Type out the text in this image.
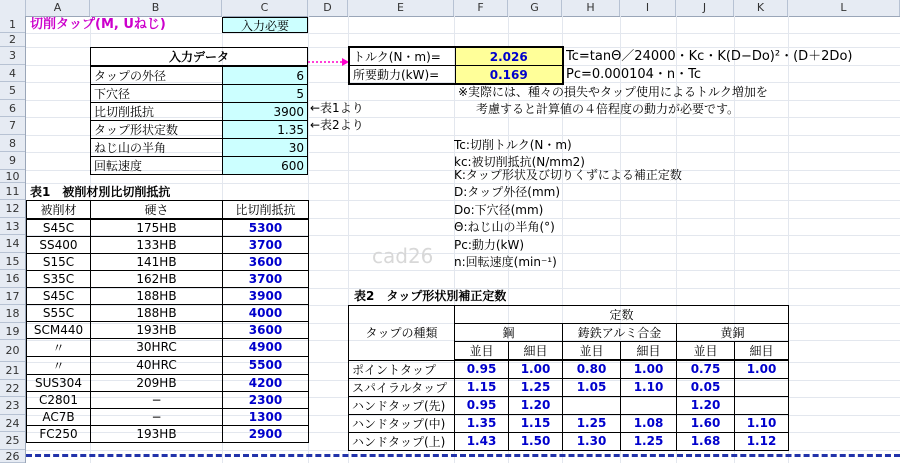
A	B	C	D	E	F	G	H	I	J	K	L
1
2
3
4
5
6
7
8
9
10
11
12
13
14
15
16
17
18
19
20
21
22
23
24
25
26
切削タップ(M, Uねじ)	入力必要
入力データ	
タップの外径	6
下穴径	5
比切削抵抗	3900
タップ形状定数	1.35
ねじ山の半角	30
回転速度	600
←表1より
←表2より
トルク(N・m)=	2.026
所要動力(kW)=	0.169
Tc=tanΘ／24000・Kc・K(D−Do)²・(D＋2Do)
Pc=0.000104・n・Tc
※実際には、種々の損失やタップ使用によるトルク増加を
考慮すると計算値の４倍程度の動力が必要です。
Tc:切削トルク(N・m)
kc:被切削抵抗(N/mm2)
K:タップ形状及び切りくずによる補正定数
D:タップ外径(mm)
Do:下穴径(mm)
Θ:ねじ山の半角(°)
Pc:動力(kW)
n:回転速度(min⁻¹)
cad26
表1　被削材別比切削抵抗
被削材	硬さ	比切削抵抗
S45C	175HB	5300
SS400	133HB	3700
S15C	141HB	3600
S35C	162HB	3700
S45C	188HB	3900
S55C	188HB	4000
SCM440	193HB	3600
〃	30HRC	4900
〃	40HRC	5500
SUS304	209HB	4200
C2801	−	2300
AC7B	−	1300
FC250	193HB	2900
表2　タップ形状別補正定数
タップの種類	定数					
	鋼		鋳鉄アルミ合金		黄銅	
	並目	細目	並目	細目	並目	細目
ポイントタップ	0.95	1.00	0.80	1.00	0.75	1.00
スパイラルタップ	1.15	1.25	1.05	1.10	0.05	
ハンドタップ(先)	0.95	1.20			1.20	
ハンドタップ(中)	1.35	1.15	1.25	1.08	1.60	1.10
ハンドタップ(上)	1.43	1.50	1.30	1.25	1.68	1.12
